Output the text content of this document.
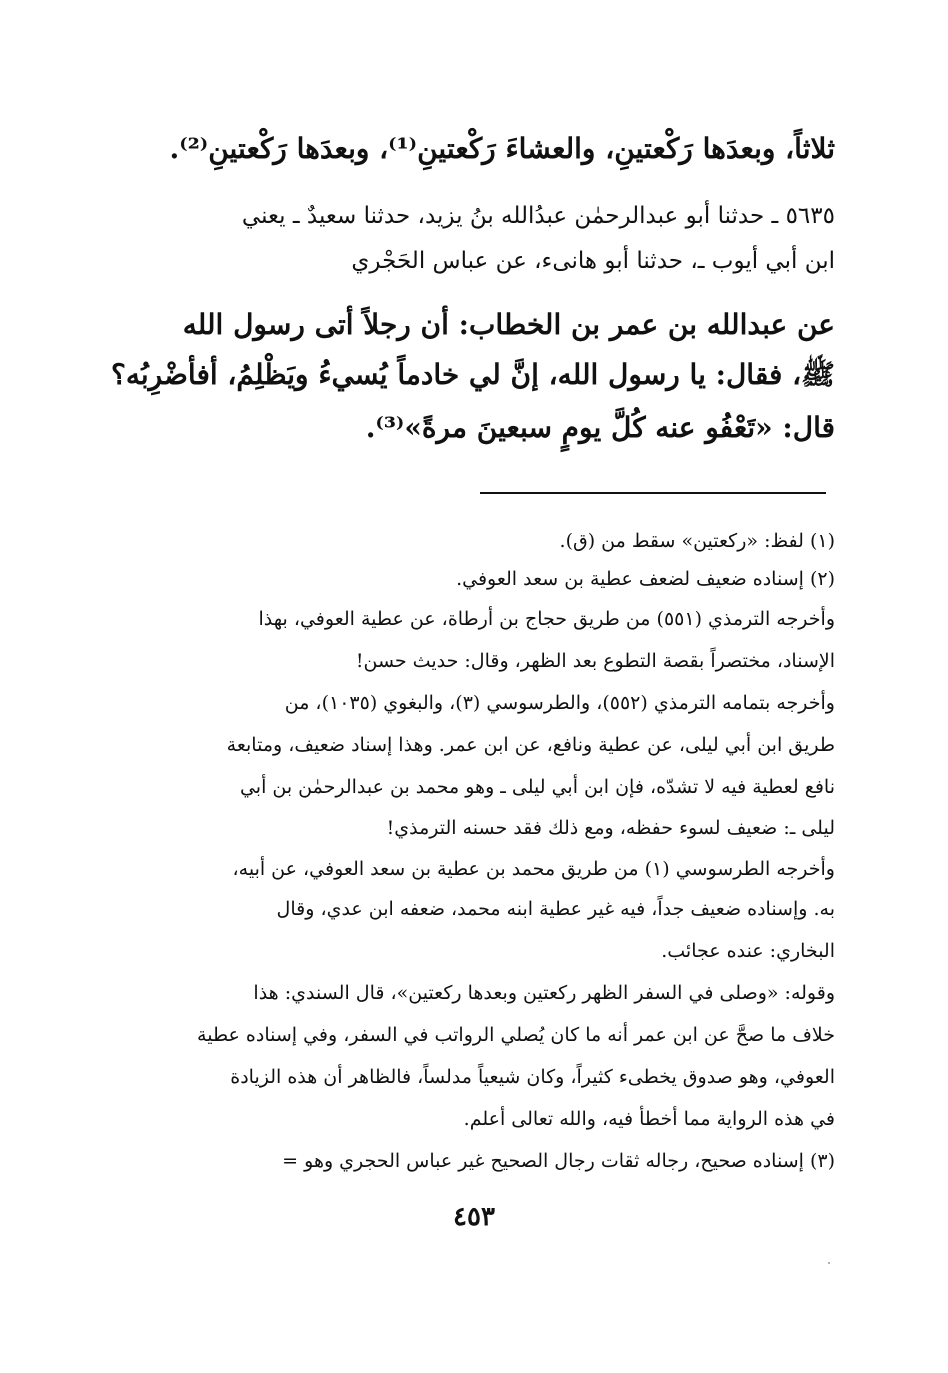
ثلاثاً، وبعدَها رَكْعتينِ، والعشاءَ رَكْعتينِ⁽¹⁾، وبعدَها رَكْعتينِ⁽²⁾.
٥٦٣٥ ـ حدثنا أبو عبدالرحمٰن عبدُالله بنُ يزيد، حدثنا سعيدٌ ـ يعني
ابن أبي أيوب ـ، حدثنا أبو هانىء، عن عباس الحَجْري
عن عبدالله بن عمر بن الخطاب: أن رجلاً أتى رسول الله
ﷺ، فقال: يا رسول الله، إنَّ لي خادماً يُسيءُ ويَظْلِمُ، أفأضْرِبُه؟
قال: «تَعْفُو عنه كُلَّ يومٍ سبعينَ مرةً»⁽³⁾.
(١) لفظ: «ركعتين» سقط من (ق).
(٢) إسناده ضعيف لضعف عطية بن سعد العوفي.
وأخرجه الترمذي (٥٥١) من طريق حجاج بن أرطاة، عن عطية العوفي، بهذا
الإسناد، مختصراً بقصة التطوع بعد الظهر، وقال: حديث حسن!
وأخرجه بتمامه الترمذي (٥٥٢)، والطرسوسي (٣)، والبغوي (١٠٣٥)، من
طريق ابن أبي ليلى، عن عطية ونافع، عن ابن عمر. وهذا إسناد ضعيف، ومتابعة
نافع لعطية فيه لا تشدّه، فإن ابن أبي ليلى ـ وهو محمد بن عبدالرحمٰن بن أبي
ليلى ـ: ضعيف لسوء حفظه، ومع ذلك فقد حسنه الترمذي!
وأخرجه الطرسوسي (١) من طريق محمد بن عطية بن سعد العوفي، عن أبيه،
به. وإسناده ضعيف جداً، فيه غير عطية ابنه محمد، ضعفه ابن عدي، وقال
البخاري: عنده عجائب.
وقوله: «وصلى في السفر الظهر ركعتين وبعدها ركعتين»، قال السندي: هذا
خلاف ما صحَّ عن ابن عمر أنه ما كان يُصلي الرواتب في السفر، وفي إسناده عطية
العوفي، وهو صدوق يخطىء كثيراً، وكان شيعياً مدلساً، فالظاهر أن هذه الزيادة
في هذه الرواية مما أخطأ فيه، والله تعالى أعلم.
(٣) إسناده صحيح، رجاله ثقات رجال الصحيح غير عباس الحجري وهو =
٤٥٣
